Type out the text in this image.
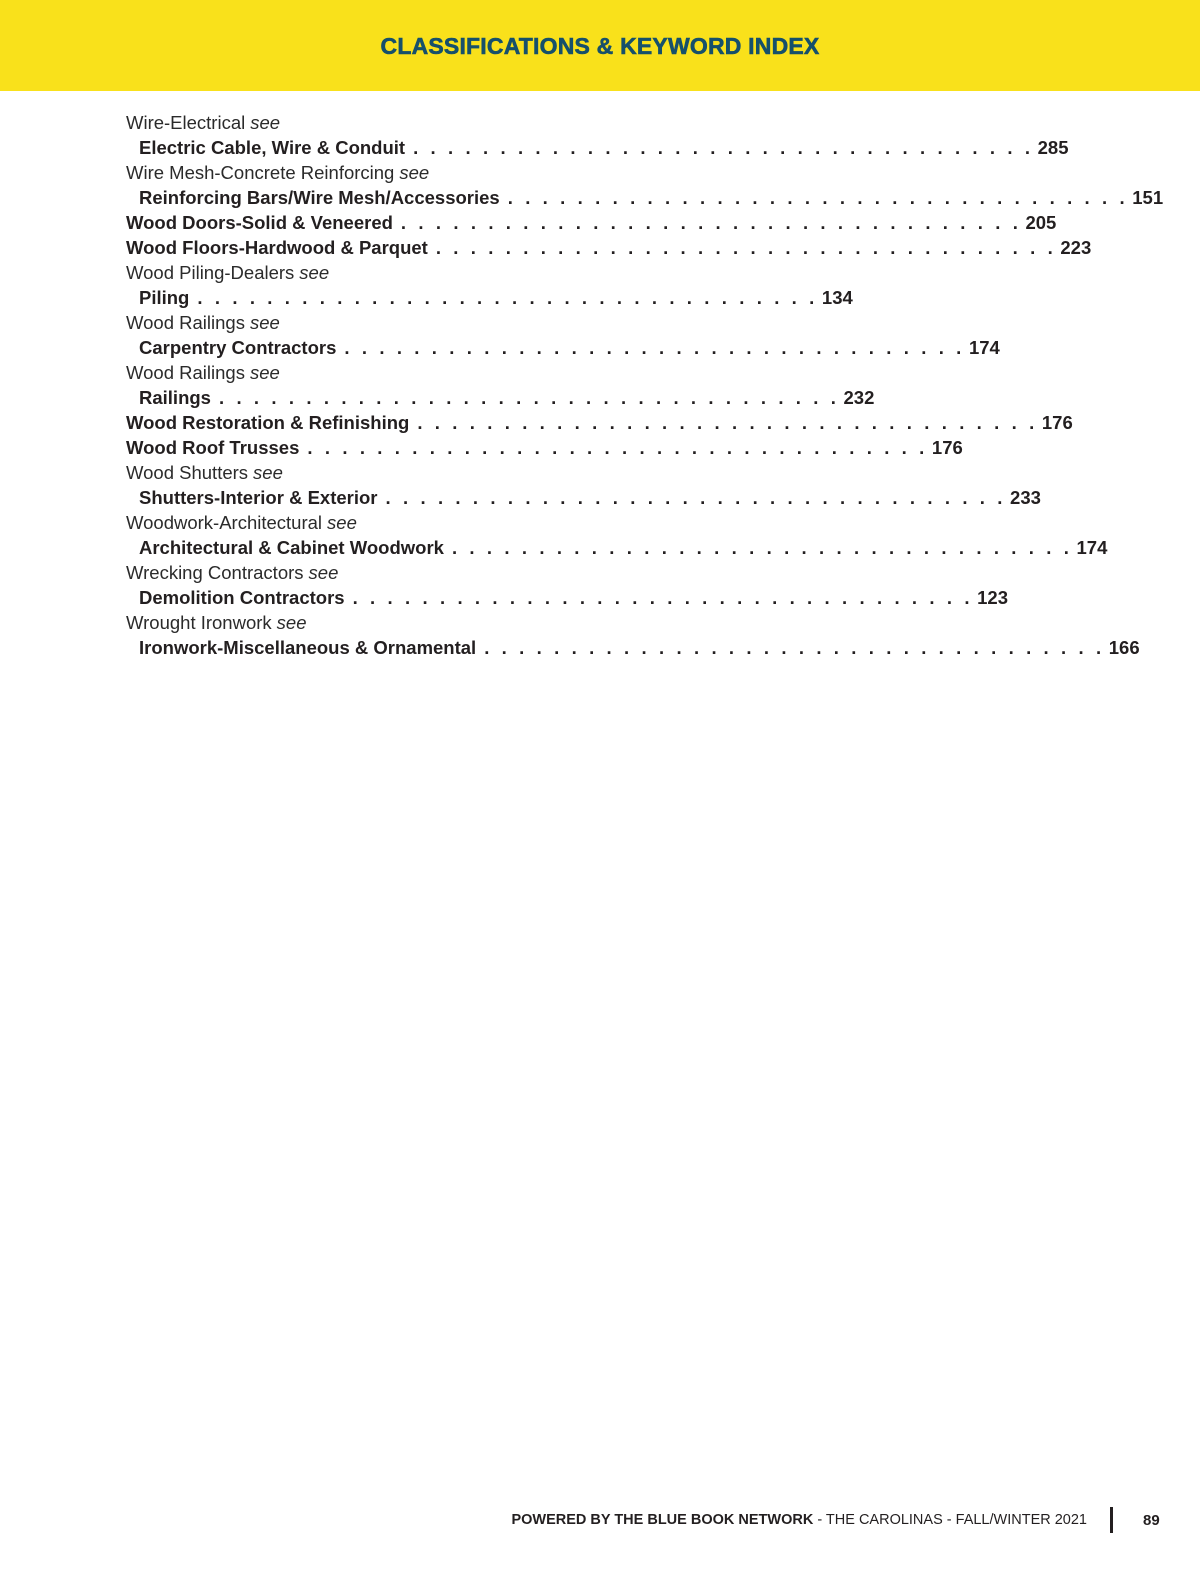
CLASSIFICATIONS & KEYWORD INDEX
Wire-Electrical see
Electric Cable, Wire & Conduit . . . . . . . . . . . . . . . . . . . . . . . . . . . . . . . . . . . . 285
Wire Mesh-Concrete Reinforcing see
Reinforcing Bars/Wire Mesh/Accessories . . . . . . . . . . . . . . . . . . . . . . . . . . . . . . . . . . . . 151
Wood Doors-Solid & Veneered . . . . . . . . . . . . . . . . . . . . . . . . . . . . . . . . . . . . 205
Wood Floors-Hardwood & Parquet . . . . . . . . . . . . . . . . . . . . . . . . . . . . . . . . . . . . 223
Wood Piling-Dealers see
Piling . . . . . . . . . . . . . . . . . . . . . . . . . . . . . . . . . . . . 134
Wood Railings see
Carpentry Contractors . . . . . . . . . . . . . . . . . . . . . . . . . . . . . . . . . . . . 174
Wood Railings see
Railings . . . . . . . . . . . . . . . . . . . . . . . . . . . . . . . . . . . . 232
Wood Restoration & Refinishing . . . . . . . . . . . . . . . . . . . . . . . . . . . . . . . . . . . . 176
Wood Roof Trusses . . . . . . . . . . . . . . . . . . . . . . . . . . . . . . . . . . . . 176
Wood Shutters see
Shutters-Interior & Exterior . . . . . . . . . . . . . . . . . . . . . . . . . . . . . . . . . . . . 233
Woodwork-Architectural see
Architectural & Cabinet Woodwork . . . . . . . . . . . . . . . . . . . . . . . . . . . . . . . . . . . . 174
Wrecking Contractors see
Demolition Contractors . . . . . . . . . . . . . . . . . . . . . . . . . . . . . . . . . . . . 123
Wrought Ironwork see
Ironwork-Miscellaneous & Ornamental . . . . . . . . . . . . . . . . . . . . . . . . . . . . . . . . . . . . 166
POWERED BY THE BLUE BOOK NETWORK - THE CAROLINAS - FALL/WINTER 2021	89
